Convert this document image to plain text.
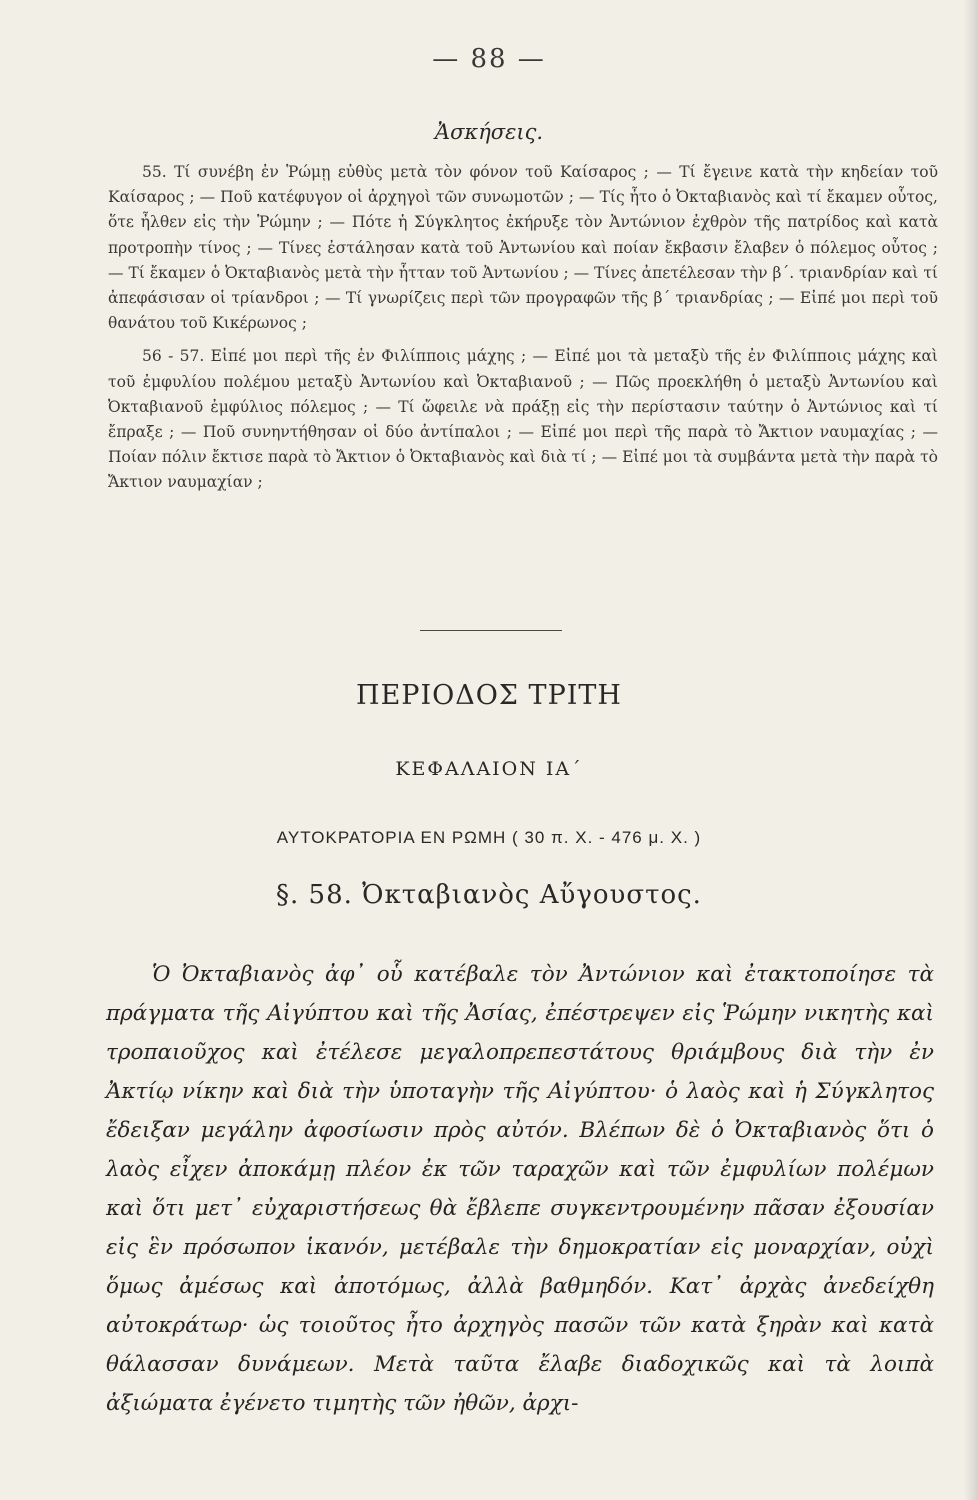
— 88 —
Ἀσκήσεις.

55. Τί συνέβη ἐν Ῥώμῃ εὐθὺς μετὰ τὸν φόνον τοῦ Καίσαρος ; — Τί ἔγεινε κατὰ τὴν κηδείαν τοῦ Καίσαρος ; — Ποῦ κατέφυγον οἱ ἀρχηγοὶ τῶν συνωμοτῶν ; — Τίς ἦτο ὁ Ὀκταβιανὸς καὶ τί ἔκαμεν οὗτος, ὅτε ἦλθεν εἰς τὴν Ῥώμην ; — Πότε ἡ Σύγκλητος ἐκήρυξε τὸν Ἀντώνιον ἐχθρὸν τῆς πατρίδος καὶ κατὰ προτροπὴν τίνος ; — Τίνες ἐστάλησαν κατὰ τοῦ Ἀντωνίου καὶ ποίαν ἔκβασιν ἔλαβεν ὁ πόλεμος οὗτος ; — Τί ἔκαμεν ὁ Ὀκταβιανὸς μετὰ τὴν ἧτταν τοῦ Ἀντωνίου ; — Τίνες ἀπετέλεσαν τὴν β΄. τριανδρίαν καὶ τί ἀπεφάσισαν οἱ τρίανδροι ; — Τί γνωρίζεις περὶ τῶν προγραφῶν τῆς β΄ τριανδρίας ; — Εἰπέ μοι περὶ τοῦ θανάτου τοῦ Κικέρωνος ;

56 - 57. Εἰπέ μοι περὶ τῆς ἐν Φιλίπποις μάχης ; — Εἰπέ μοι τὰ μεταξὺ τῆς ἐν Φιλίπποις μάχης καὶ τοῦ ἐμφυλίου πολέμου μεταξὺ Ἀντωνίου καὶ Ὀκταβιανοῦ ; — Πῶς προεκλήθη ὁ μεταξὺ Ἀντωνίου καὶ Ὀκταβιανοῦ ἐμφύλιος πόλεμος ; — Τί ὤφειλε νὰ πράξῃ εἰς τὴν περίστασιν ταύτην ὁ Ἀντώνιος καὶ τί ἔπραξε ; — Ποῦ συνηντήθησαν οἱ δύο ἀντίπαλοι ; — Εἰπέ μοι περὶ τῆς παρὰ τὸ Ἄκτιον ναυμαχίας ; — Ποίαν πόλιν ἔκτισε παρὰ τὸ Ἄκτιον ὁ Ὀκταβιανὸς καὶ διὰ τί ; — Εἰπέ μοι τὰ συμβάντα μετὰ τὴν παρὰ τὸ Ἄκτιον ναυμαχίαν ;

ΠΕΡΙΟΔΟΣ ΤΡΙΤΗ
ΚΕΦΑΛΑΙΟΝ ΙΑ΄
ΑΥΤΟΚΡΑΤΟΡΙΑ ΕΝ ΡΩΜΗ ( 30 π. Χ. - 476 μ. Χ. )
§. 58. Ὀκταβιανὸς Αὔγουστος.

Ὁ Ὀκταβιανὸς ἀφ᾽ οὗ κατέβαλε τὸν Ἀντώνιον καὶ ἐτακτοποίησε τὰ πράγματα τῆς Αἰγύπτου καὶ τῆς Ἀσίας, ἐπέστρεψεν εἰς Ῥώμην νικητὴς καὶ τροπαιοῦχος καὶ ἐτέλεσε μεγαλοπρεπεστάτους θριάμβους διὰ τὴν ἐν Ἀκτίῳ νίκην καὶ διὰ τὴν ὑποταγὴν τῆς Αἰγύπτου· ὁ λαὸς καὶ ἡ Σύγκλητος ἔδειξαν μεγάλην ἀφοσίωσιν πρὸς αὐτόν. Βλέπων δὲ ὁ Ὀκταβιανὸς ὅτι ὁ λαὸς εἶχεν ἀποκάμῃ πλέον ἐκ τῶν ταραχῶν καὶ τῶν ἐμφυλίων πολέμων καὶ ὅτι μετ᾽ εὐχαριστήσεως θὰ ἔβλεπε συγκεντρουμένην πᾶσαν ἐξουσίαν εἰς ἓν πρόσωπον ἱκανόν, μετέβαλε τὴν δημοκρατίαν εἰς μοναρχίαν, οὐχὶ ὅμως ἀμέσως καὶ ἀποτόμως, ἀλλὰ βαθμηδόν. Κατ᾽ ἀρχὰς ἀνεδείχθη αὐτοκράτωρ· ὡς τοιοῦτος ἦτο ἀρχηγὸς πασῶν τῶν κατὰ ξηρὰν καὶ κατὰ θάλασσαν δυνάμεων. Μετὰ ταῦτα ἔλαβε διαδοχικῶς καὶ τὰ λοιπὰ ἀξιώματα ἐγένετο τιμητὴς τῶν ἠθῶν, ἀρχι-
